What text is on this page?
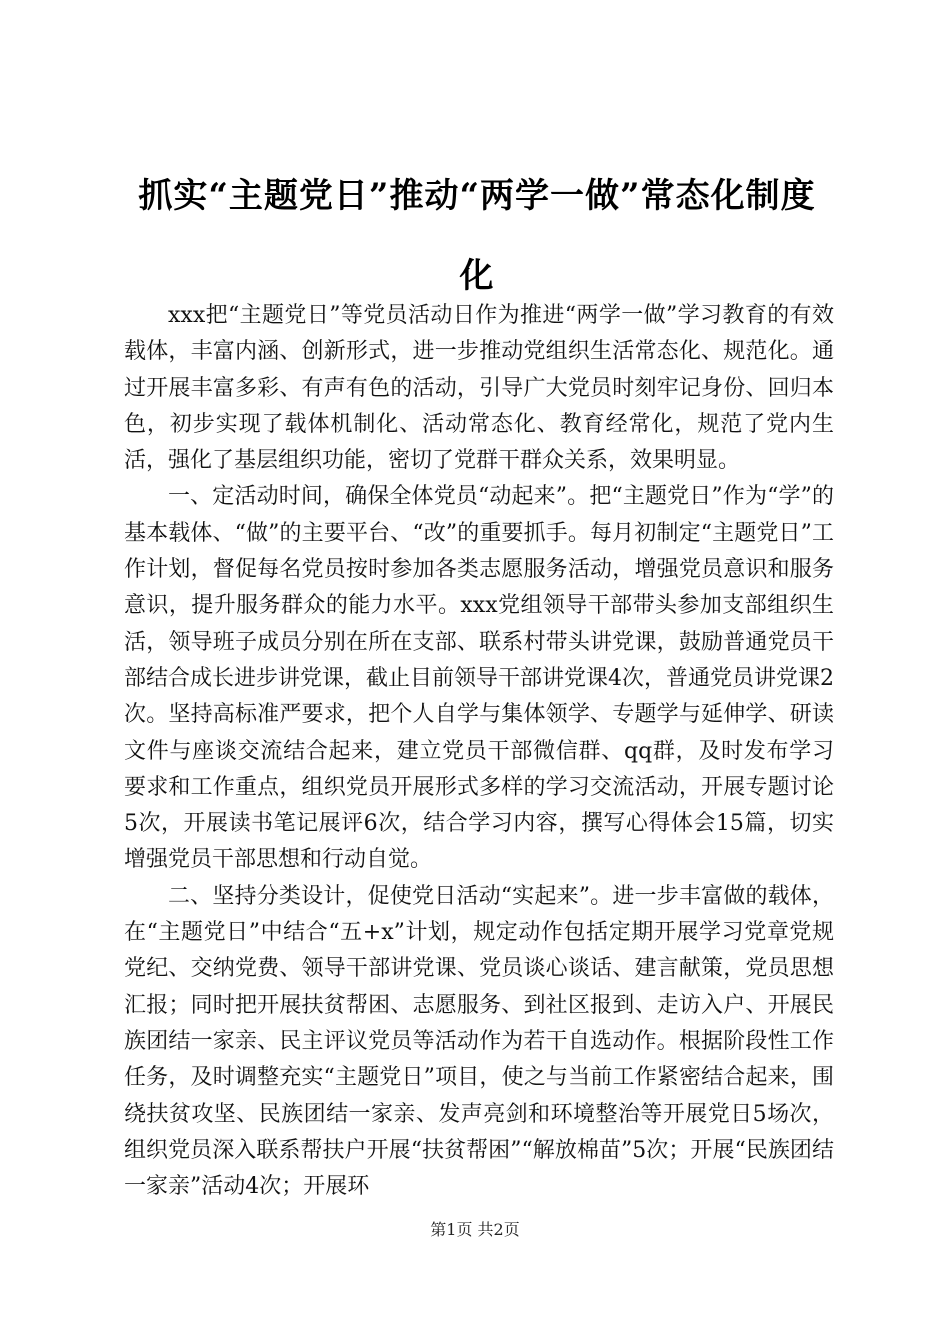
抓实“主题党日”推动“两学一做”常态化制度化

xxx把“主题党日”等党员活动日作为推进“两学一做”学习教育的有效载体，丰富内涵、创新形式，进一步推动党组织生活常态化、规范化。通过开展丰富多彩、有声有色的活动，引导广大党员时刻牢记身份、回归本色，初步实现了载体机制化、活动常态化、教育经常化，规范了党内生活，强化了基层组织功能，密切了党群干群众关系，效果明显。

一、定活动时间，确保全体党员“动起来”。把“主题党日”作为“学”的基本载体、“做”的主要平台、“改”的重要抓手。每月初制定“主题党日”工作计划，督促每名党员按时参加各类志愿服务活动，增强党员意识和服务意识，提升服务群众的能力水平。xxx党组领导干部带头参加支部组织生活，领导班子成员分别在所在支部、联系村带头讲党课，鼓励普通党员干部结合成长进步讲党课，截止目前领导干部讲党课4次，普通党员讲党课2次。坚持高标准严要求，把个人自学与集体领学、专题学与延伸学、研读文件与座谈交流结合起来，建立党员干部微信群、qq群，及时发布学习要求和工作重点，组织党员开展形式多样的学习交流活动，开展专题讨论5次，开展读书笔记展评6次，结合学习内容，撰写心得体会15篇，切实增强党员干部思想和行动自觉。

二、坚持分类设计，促使党日活动“实起来”。进一步丰富做的载体，在“主题党日”中结合“五+x”计划，规定动作包括定期开展学习党章党规党纪、交纳党费、领导干部讲党课、党员谈心谈话、建言献策，党员思想汇报；同时把开展扶贫帮困、志愿服务、到社区报到、走访入户、开展民族团结一家亲、民主评议党员等活动作为若干自选动作。根据阶段性工作任务，及时调整充实“主题党日”项目，使之与当前工作紧密结合起来，围绕扶贫攻坚、民族团结一家亲、发声亮剑和环境整治等开展党日5场次，组织党员深入联系帮扶户开展“扶贫帮困”“解放棉苗”5次；开展“民族团结一家亲”活动4次；开展环

第1页 共2页
